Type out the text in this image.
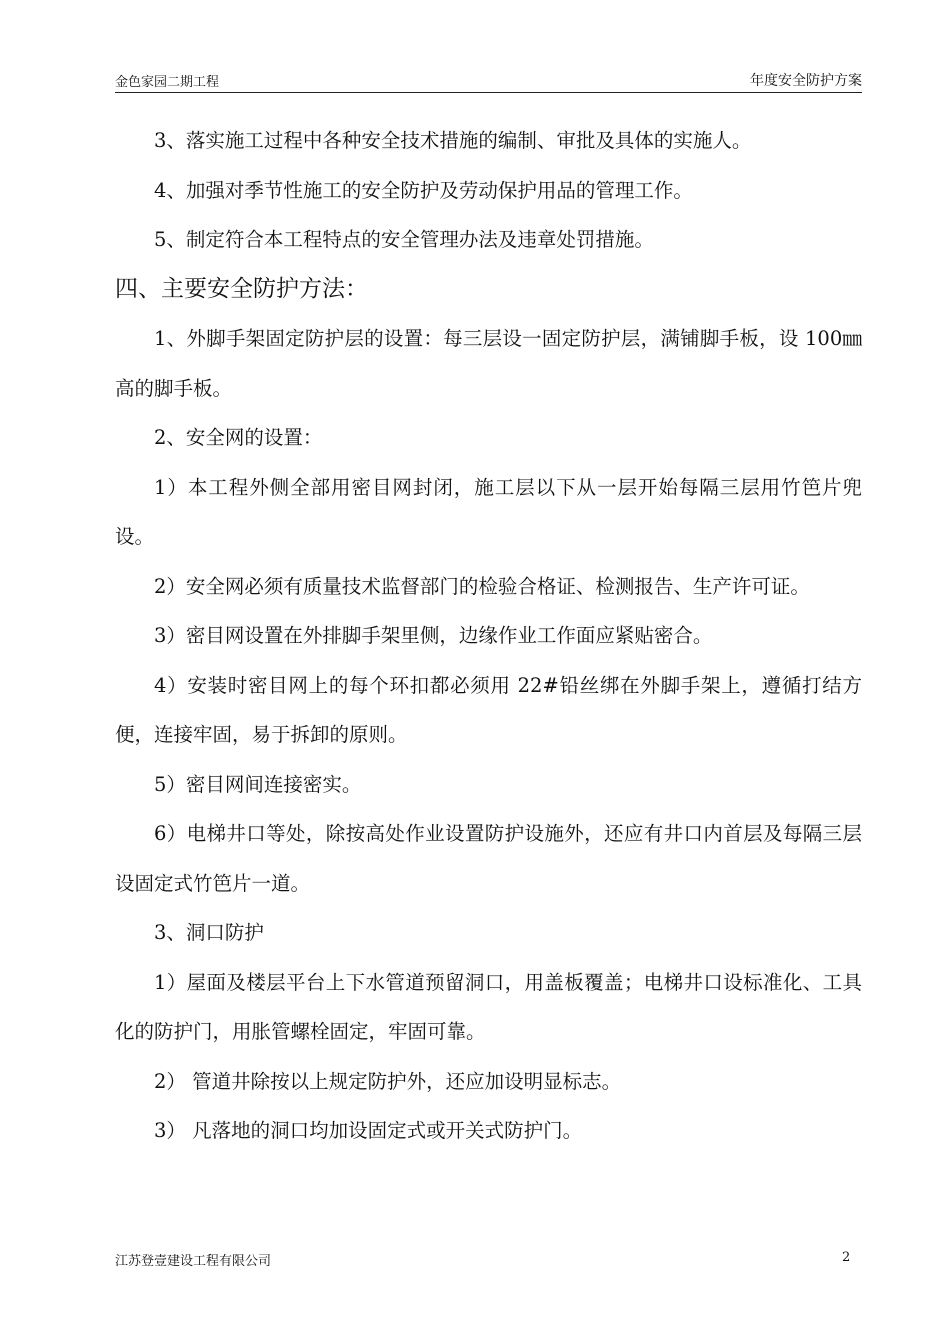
金色家园二期工程	年度安全防护方案

3、落实施工过程中各种安全技术措施的编制、审批及具体的实施人。

4、加强对季节性施工的安全防护及劳动保护用品的管理工作。

5、制定符合本工程特点的安全管理办法及违章处罚措施。

四、主要安全防护方法：

1、外脚手架固定防护层的设置：每三层设一固定防护层，满铺脚手板，设 100㎜ 高的脚手板。

2、安全网的设置：

1）本工程外侧全部用密目网封闭，施工层以下从一层开始每隔三层用竹笆片兜设。

2）安全网必须有质量技术监督部门的检验合格证、检测报告、生产许可证。

3）密目网设置在外排脚手架里侧，边缘作业工作面应紧贴密合。

4）安装时密目网上的每个环扣都必须用 22#铅丝绑在外脚手架上，遵循打结方便，连接牢固，易于拆卸的原则。

5）密目网间连接密实。

6）电梯井口等处，除按高处作业设置防护设施外，还应有井口内首层及每隔三层设固定式竹笆片一道。

3、洞口防护

1）屋面及楼层平台上下水管道预留洞口，用盖板覆盖；电梯井口设标准化、工具化的防护门，用胀管螺栓固定，牢固可靠。

2） 管道井除按以上规定防护外，还应加设明显标志。

3） 凡落地的洞口均加设固定式或开关式防护门。

江苏登壹建设工程有限公司	2
